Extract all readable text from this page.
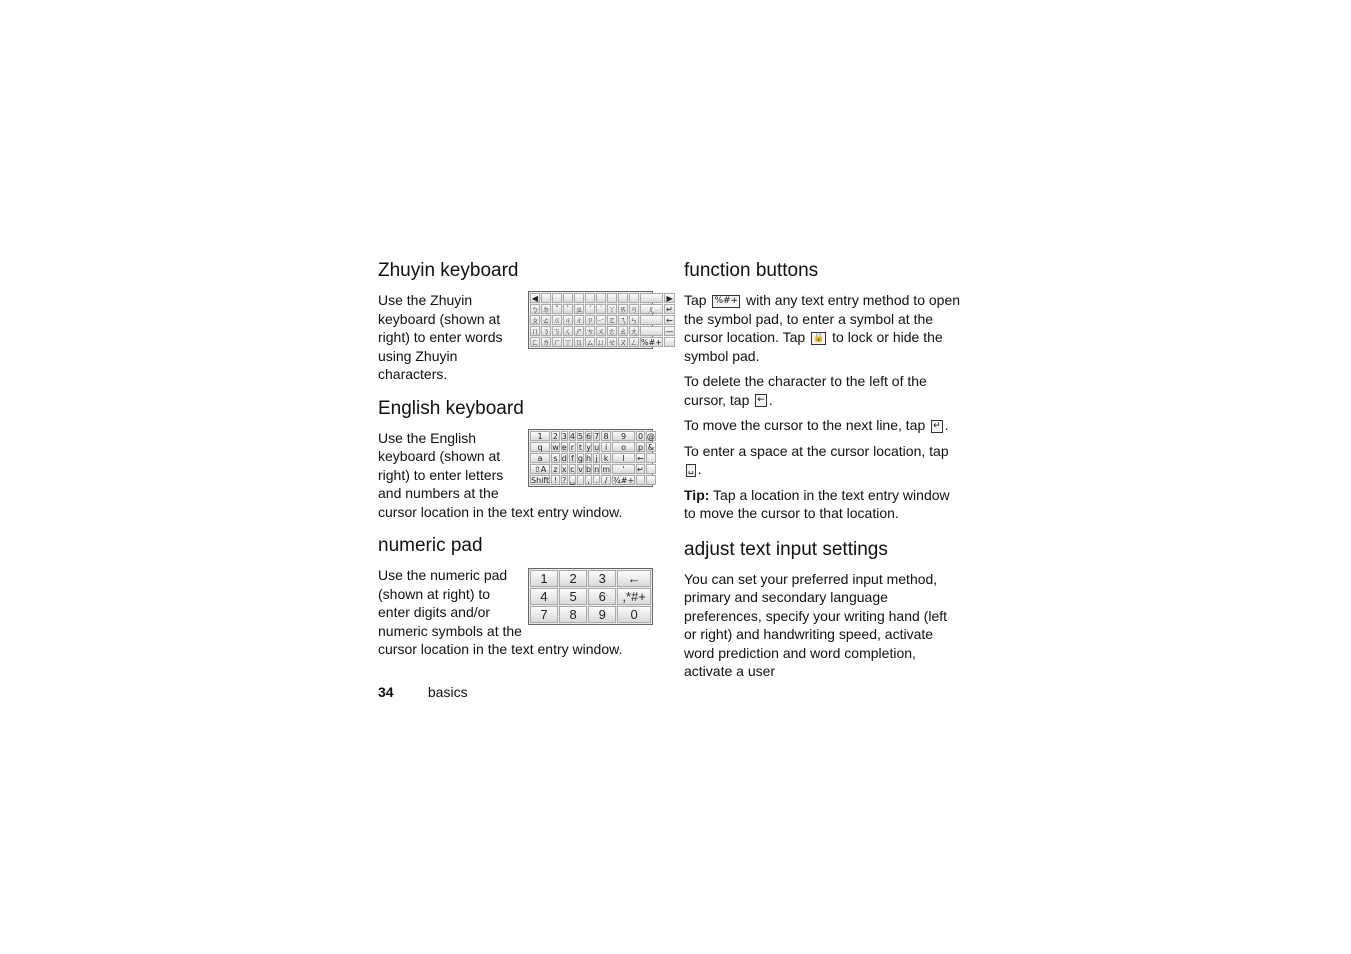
Zhuyin keyboard
◀	▶
ㄅ ㄉ ˇ ˋ ㄓ ˊ ˙ ㄚ ㄞ ㄢ	ㄦ	↵
ㄆ ㄊ ㄍ ㄐ ㄔ ㄗ ㄧ ㄛ ㄟ ㄣ	←
ㄇ ㄋ ㄎ ㄑ ㄕ ㄘ ㄨ ㄜ ㄠ ㄤ	—
ㄈ ㄌ ㄏ ㄒ ㄖ ㄙ ㄩ ㄝ ㄡ ㄥ %#+

Use the Zhuyin keyboard (shown at right) to enter words using Zhuyin characters.

English keyboard
1	2 3 4 5 6 7 8	9	0 @
q	w e r t y u i	o	p &
a	s d f g h j k	l	←
⇧A z x c v b n m	'	↵
Shift ! ? ␣ , . / ¾#+

Use the English keyboard (shown at right) to enter letters and numbers at the cursor location in the text entry window.

numeric pad
1	2	3	←
4	5	6	,*#+
7	8	9	0

Use the numeric pad (shown at right) to enter digits and/or numeric symbols at the cursor location in the text entry window.

function buttons

Tap %#+ with any text entry method to open the symbol pad, to enter a symbol at the cursor location. Tap 🔒 to lock or hide the symbol pad.

To delete the character to the left of the cursor, tap ← .

To move the cursor to the next line, tap ↵ .

To enter a space at the cursor location, tap ␣ .

Tip: Tap a location in the text entry window to move the cursor to that location.

adjust text input settings

You can set your preferred input method, primary and secondary language preferences, specify your writing hand (left or right) and handwriting speed, activate word prediction and word completion, activate a user

34 basics
